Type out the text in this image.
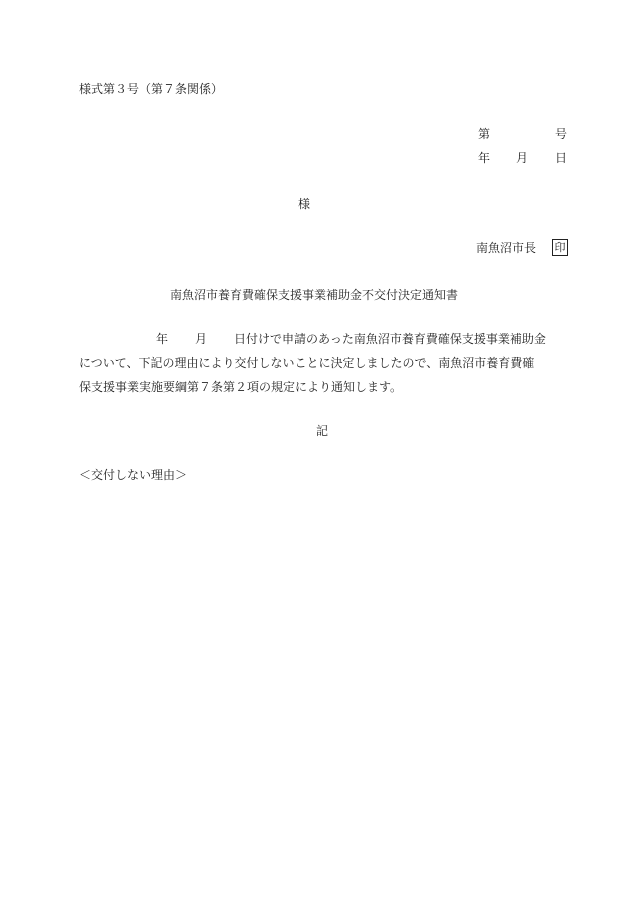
様式第３号（第７条関係）
第	号
年 月 日
様
南魚沼市長 印
南魚沼市養育費確保支援事業補助金不交付決定通知書
年 月 日付けで申請のあった南魚沼市養育費確保支援事業補助金
について、下記の理由により交付しないことに決定しましたので、南魚沼市養育費確
保支援事業実施要綱第７条第２項の規定により通知します。
記
＜交付しない理由＞
